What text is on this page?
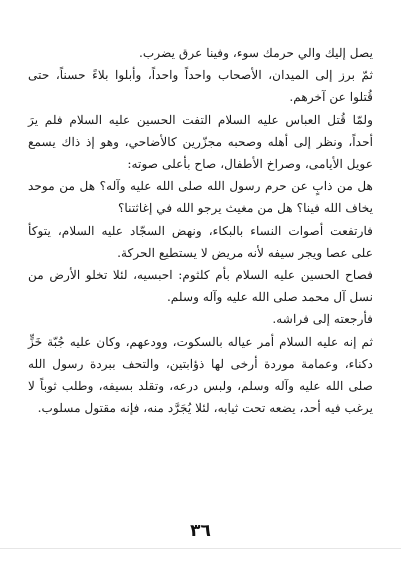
يصل إليك والي حرمك سوء، وفينا عرق يضرب.

ثمّ برز إلى الميدان، الأصحاب واحداً واحداً، وأبلوا بلاءً حسناً، حتى قُتلوا عن آخرهم.

ولمّا قُتل العباس عليه السلام التفت الحسين عليه السلام فلم يرَ أحداً، ونظر إلى أهله وصحبه مجزّرين كالأضاحي، وهو إذ ذاك يسمع عويل الأيامى، وصراخ الأطفال، صاح بأعلى صوته:

هل من ذابٍ عن حرم رسول الله صلى الله عليه وآله؟ هل من موحد يخاف الله فينا؟ هل من مغيث يرجو الله في إغاثتنا؟

فارتفعت أصوات النساء بالبكاء، ونهض السجّاد عليه السلام، يتوكأ على عصا ويجر سيفه لأنه مريض لا يستطيع الحركة.

فصاح الحسين عليه السلام بأم كلثوم: احبسيه، لئلا تخلو الأرض من نسل آل محمد صلى الله عليه وآله وسلم.

فأرجعته إلى فراشه.

ثم إنه عليه السلام أمر عياله بالسكوت، وودعهم، وكان عليه جُبّة خَزٍّ دكناء، وعمامة موردة أرخى لها ذؤابتين، والتحف ببردة رسول الله صلى الله عليه وآله وسلم، ولبس درعه، وتقلد بسيفه، وطلب ثوباً لا يرغب فيه أحد، يضعه تحت ثيابه، لئلا يُجَرَّد منه، فإنه مقتول مسلوب.

٣٦
